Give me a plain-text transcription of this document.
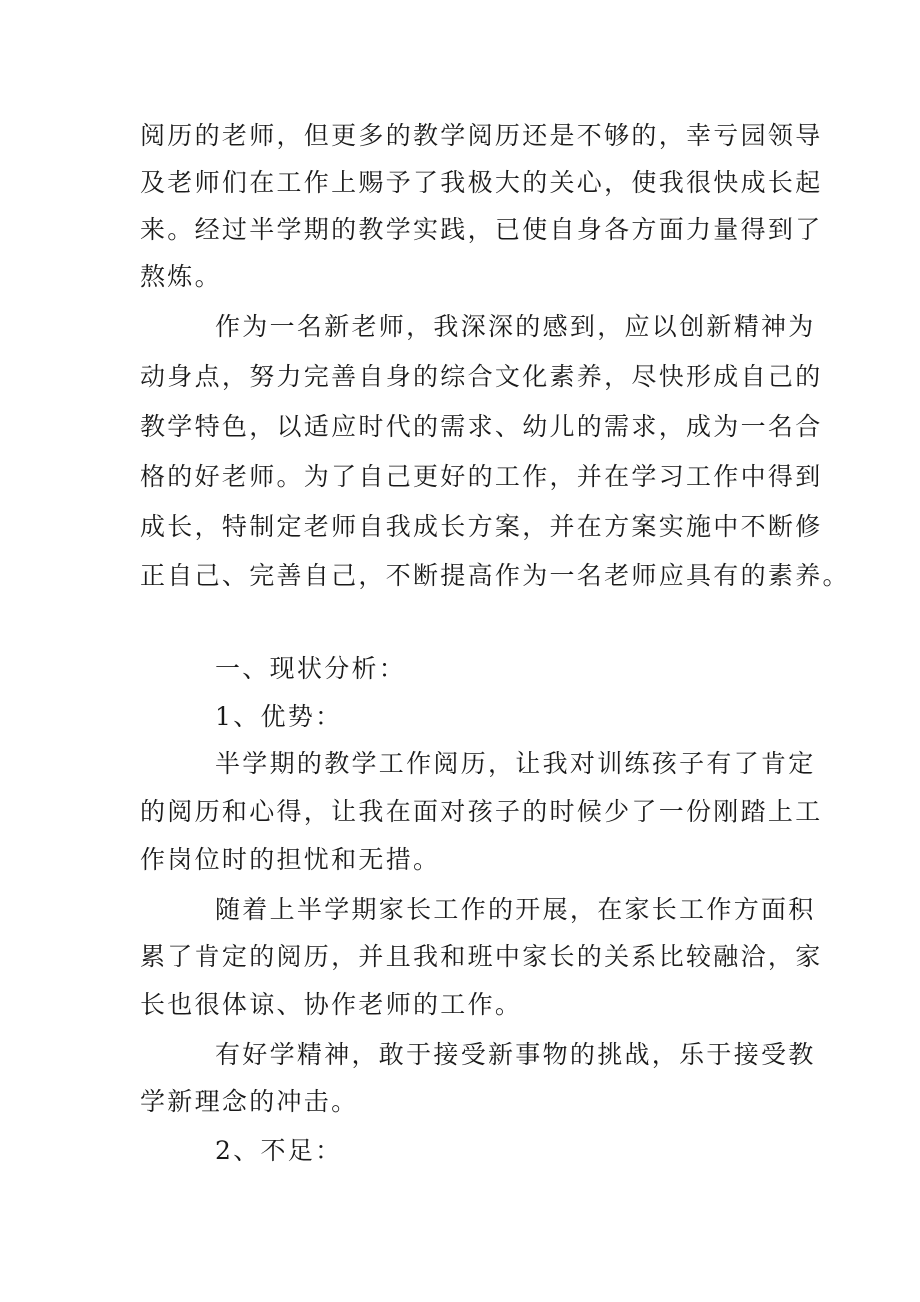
阅历的老师，但更多的教学阅历还是不够的，幸亏园领导
及老师们在工作上赐予了我极大的关心，使我很快成长起
来。经过半学期的教学实践，已使自身各方面力量得到了
熬炼。
作为一名新老师，我深深的感到，应以创新精神为
动身点，努力完善自身的综合文化素养，尽快形成自己的
教学特色，以适应时代的需求、幼儿的需求，成为一名合
格的好老师。为了自己更好的工作，并在学习工作中得到
成长，特制定老师自我成长方案，并在方案实施中不断修
正自己、完善自己，不断提高作为一名老师应具有的素养。
一、现状分析：
1、优势：
半学期的教学工作阅历，让我对训练孩子有了肯定
的阅历和心得，让我在面对孩子的时候少了一份刚踏上工
作岗位时的担忧和无措。
随着上半学期家长工作的开展，在家长工作方面积
累了肯定的阅历，并且我和班中家长的关系比较融洽，家
长也很体谅、协作老师的工作。
有好学精神，敢于接受新事物的挑战，乐于接受教
学新理念的冲击。
2、不足：
